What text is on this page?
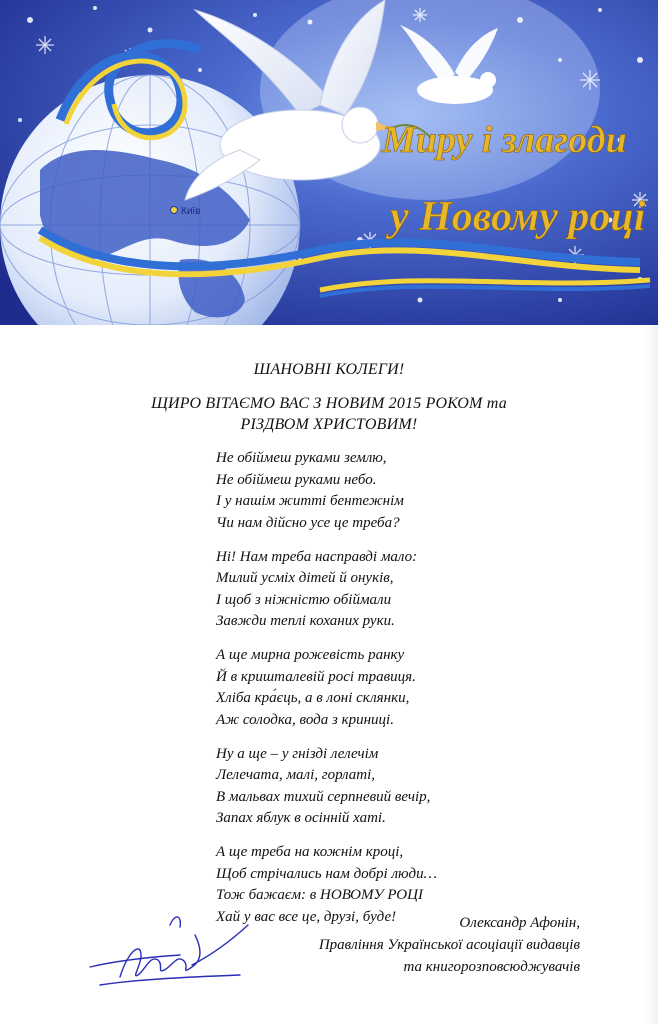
Київ
Миру і злагоди
у Новому році
ШАНОВНІ КОЛЕГИ!
ЩИРО ВІТАЄМО ВАС З НОВИМ 2015 РОКОМ та
РІЗДВОМ ХРИСТОВИМ!
Не обіймеш руками землю,
Не обіймеш руками небо.
І у нашім житті бентежнім
Чи нам дійсно усе це треба?
Ні! Нам треба насправді мало:
Милий усміх дітей й онуків,
І щоб з ніжністю обіймали
Завжди теплі коханих руки.
А ще мирна рожевість ранку
Й в кришталевій росі травиця.
Хліба кра́єць, а в лоні склянки,
Аж солодка, вода з криниці.
Ну а ще – у гнізді лелечім
Лелечата, малі, горлаті,
В мальвах тихий серпневий вечір,
Запах яблук в осінній хаті.
А ще треба на кожнім кроці,
Щоб стрічались нам добрі люди…
Тож бажаєм: в НОВОМУ РОЦІ
Хай у вас все це, друзі, буде!	Олександр Афонін,
Правління Української асоціації видавців
та книгорозповсюджувачів
